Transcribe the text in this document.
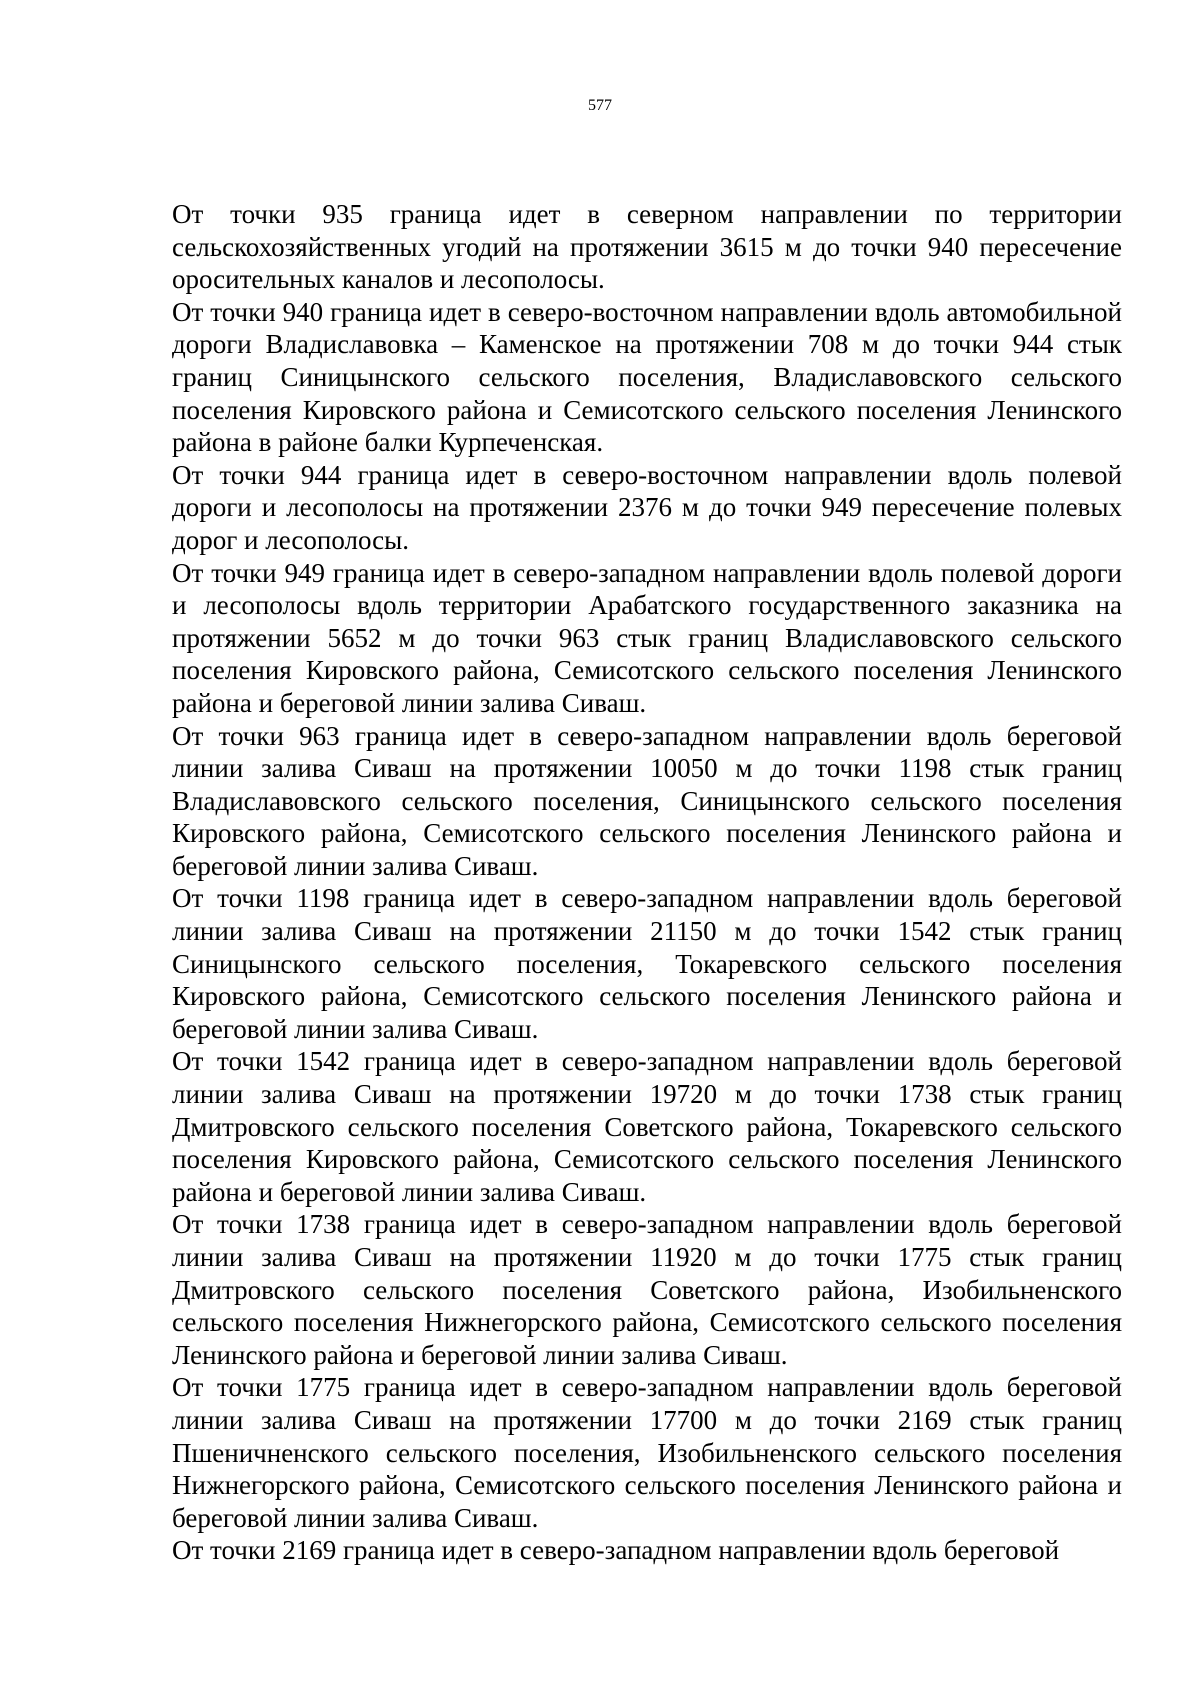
577

От точки 935 граница идет в северном направлении по территории сельскохозяйственных угодий на протяжении 3615 м до точки 940 пересечение оросительных каналов и лесополосы.

От точки 940 граница идет в северо-восточном направлении вдоль автомобильной дороги Владиславовка – Каменское на протяжении 708 м до точки 944 стык границ Синицынского сельского поселения, Владиславовского сельского поселения Кировского района и Семисотского сельского поселения Ленинского района в районе балки Курпеченская.

От точки 944 граница идет в северо-восточном направлении вдоль полевой дороги и лесополосы на протяжении 2376 м до точки 949 пересечение полевых дорог и лесополосы.

От точки 949 граница идет в северо-западном направлении вдоль полевой дороги и лесополосы вдоль территории Арабатского государственного заказника на протяжении 5652 м до точки 963 стык границ Владиславовского сельского поселения Кировского района, Семисотского сельского поселения Ленинского района и береговой линии залива Сиваш.

От точки 963 граница идет в северо-западном направлении вдоль береговой линии залива Сиваш на протяжении 10050 м до точки 1198 стык границ Владиславовского сельского поселения, Синицынского сельского поселения Кировского района, Семисотского сельского поселения Ленинского района и береговой линии залива Сиваш.

От точки 1198 граница идет в северо-западном направлении вдоль береговой линии залива Сиваш на протяжении 21150 м до точки 1542 стык границ Синицынского сельского поселения, Токаревского сельского поселения Кировского района, Семисотского сельского поселения Ленинского района и береговой линии залива Сиваш.

От точки 1542 граница идет в северо-западном направлении вдоль береговой линии залива Сиваш на протяжении 19720 м до точки 1738 стык границ Дмитровского сельского поселения Советского района, Токаревского сельского поселения Кировского района, Семисотского сельского поселения Ленинского района и береговой линии залива Сиваш.

От точки 1738 граница идет в северо-западном направлении вдоль береговой линии залива Сиваш на протяжении 11920 м до точки 1775 стык границ Дмитровского сельского поселения Советского района, Изобильненского сельского поселения Нижнегорского района, Семисотского сельского поселения Ленинского района и береговой линии залива Сиваш.

От точки 1775 граница идет в северо-западном направлении вдоль береговой линии залива Сиваш на протяжении 17700 м до точки 2169 стык границ Пшеничненского сельского поселения, Изобильненского сельского поселения Нижнегорского района, Семисотского сельского поселения Ленинского района и береговой линии залива Сиваш.

От точки 2169 граница идет в северо-западном направлении вдоль береговой
